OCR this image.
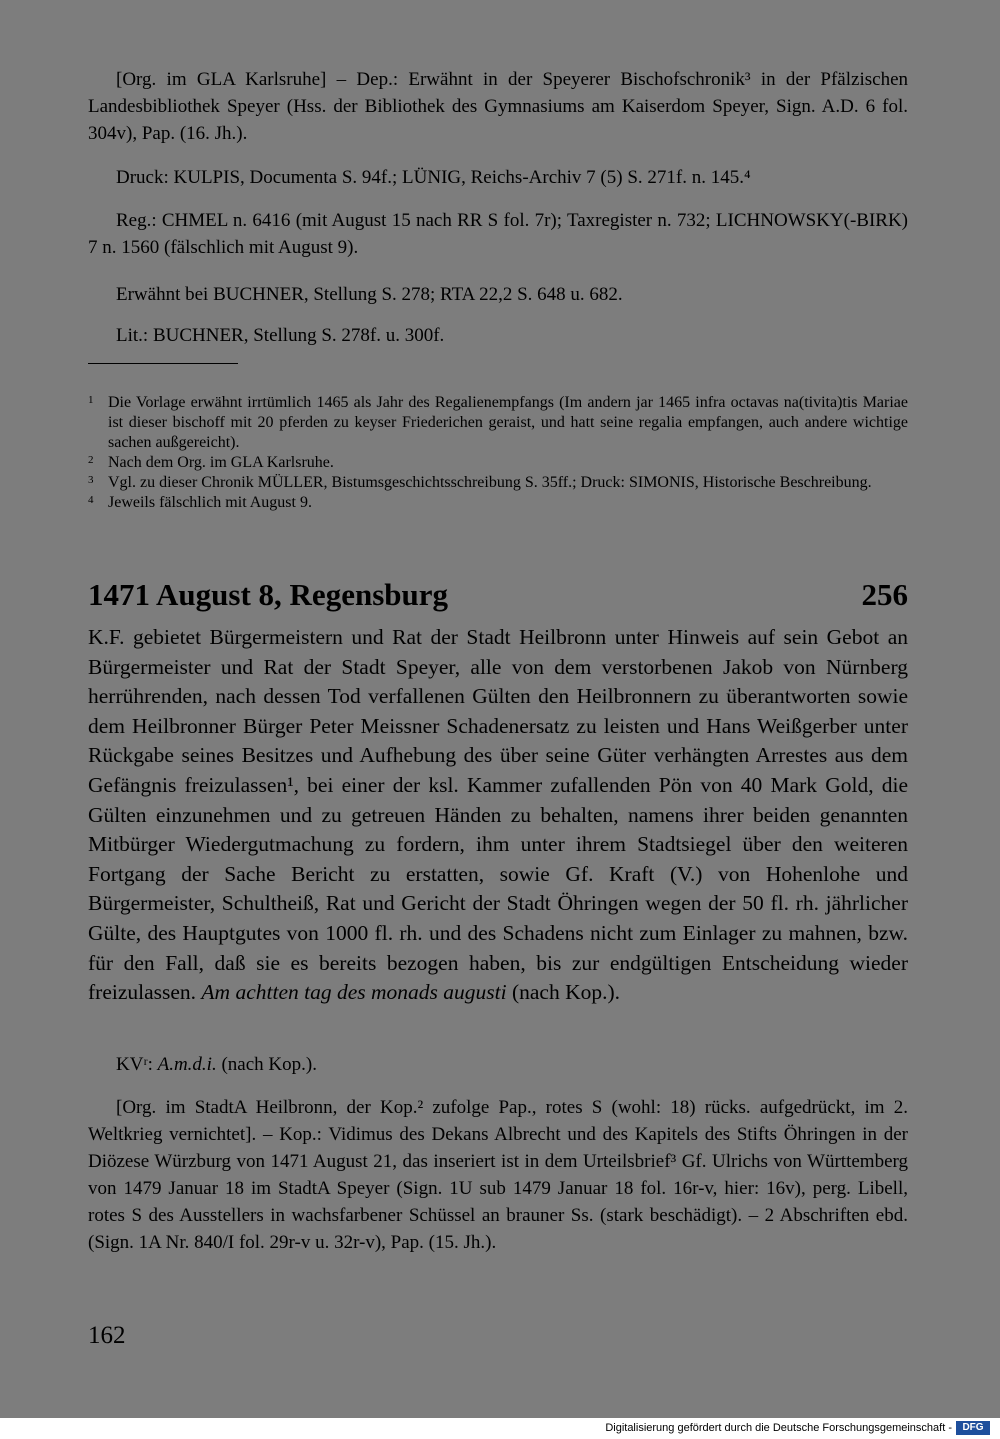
[Org. im GLA Karlsruhe] – Dep.: Erwähnt in der Speyerer Bischofschronik³ in der Pfälzischen Landesbibliothek Speyer (Hss. der Bibliothek des Gymnasiums am Kaiserdom Speyer, Sign. A.D. 6 fol. 304v), Pap. (16. Jh.).

Druck: KULPIS, Documenta S. 94f.; LÜNIG, Reichs-Archiv 7 (5) S. 271f. n. 145.⁴

Reg.: CHMEL n. 6416 (mit August 15 nach RR S fol. 7r); Taxregister n. 732; LICHNOWSKY(-BIRK) 7 n. 1560 (fälschlich mit August 9).

Erwähnt bei BUCHNER, Stellung S. 278; RTA 22,2 S. 648 u. 682.

Lit.: BUCHNER, Stellung S. 278f. u. 300f.

1 Die Vorlage erwähnt irrtümlich 1465 als Jahr des Regalienempfangs (Im andern jar 1465 infra octavas na(tivita)tis Mariae ist dieser bischoff mit 20 pferden zu keyser Friederichen geraist, und hatt seine regalia empfangen, auch andere wichtige sachen außgereicht).
2 Nach dem Org. im GLA Karlsruhe.
3 Vgl. zu dieser Chronik MÜLLER, Bistumsgeschichtsschreibung S. 35ff.; Druck: SIMONIS, Historische Beschreibung.
4 Jeweils fälschlich mit August 9.
1471 August 8, Regensburg	256

K.F. gebietet Bürgermeistern und Rat der Stadt Heilbronn unter Hinweis auf sein Gebot an Bürgermeister und Rat der Stadt Speyer, alle von dem verstorbenen Jakob von Nürnberg herrührenden, nach dessen Tod verfallenen Gülten den Heilbronnern zu überantworten sowie dem Heilbronner Bürger Peter Meissner Schadenersatz zu leisten und Hans Weißgerber unter Rückgabe seines Besitzes und Aufhebung des über seine Güter verhängten Arrestes aus dem Gefängnis freizulassen¹, bei einer der ksl. Kammer zufallenden Pön von 40 Mark Gold, die Gülten einzunehmen und zu getreuen Händen zu behalten, namens ihrer beiden genannten Mitbürger Wiedergutmachung zu fordern, ihm unter ihrem Stadtsiegel über den weiteren Fortgang der Sache Bericht zu erstatten, sowie Gf. Kraft (V.) von Hohenlohe und Bürgermeister, Schultheiß, Rat und Gericht der Stadt Öhringen wegen der 50 fl. rh. jährlicher Gülte, des Hauptgutes von 1000 fl. rh. und des Schadens nicht zum Einlager zu mahnen, bzw. für den Fall, daß sie es bereits bezogen haben, bis zur endgültigen Entscheidung wieder freizulassen. Am achtten tag des monads augusti (nach Kop.).

KVʳ: A.m.d.i. (nach Kop.).

[Org. im StadtA Heilbronn, der Kop.² zufolge Pap., rotes S (wohl: 18) rücks. aufgedrückt, im 2. Weltkrieg vernichtet]. – Kop.: Vidimus des Dekans Albrecht und des Kapitels des Stifts Öhringen in der Diözese Würzburg von 1471 August 21, das inseriert ist in dem Urteilsbrief³ Gf. Ulrichs von Württemberg von 1479 Januar 18 im StadtA Speyer (Sign. 1U sub 1479 Januar 18 fol. 16r-v, hier: 16v), perg. Libell, rotes S des Ausstellers in wachsfarbener Schüssel an brauner Ss. (stark beschädigt). – 2 Abschriften ebd. (Sign. 1A Nr. 840/I fol. 29r-v u. 32r-v), Pap. (15. Jh.).

162
Digitalisierung gefördert durch die Deutsche Forschungsgemeinschaft -	DFG
